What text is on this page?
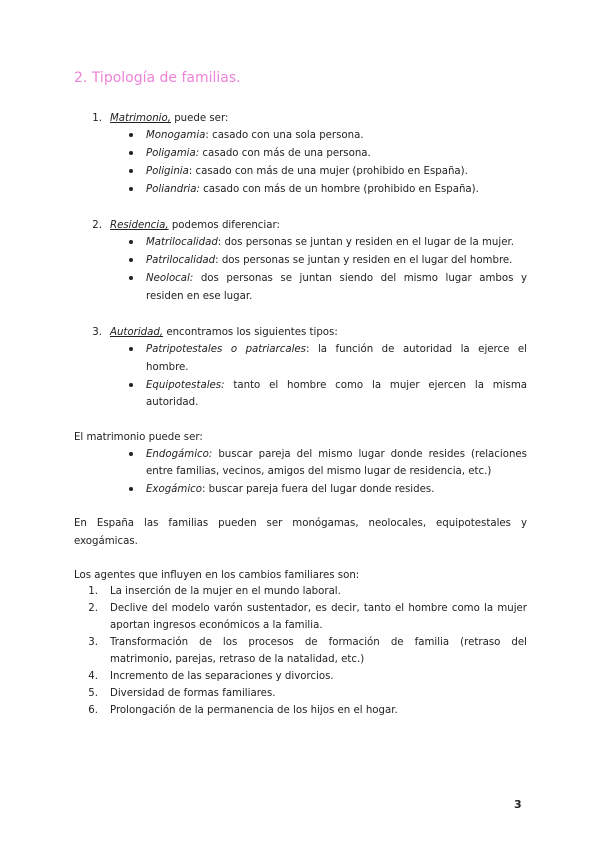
2. Tipología de familias.
1. Matrimonio, puede ser:
Monogamia: casado con una sola persona.
Poligamia: casado con más de una persona.
Poliginia: casado con más de una mujer (prohibido en España).
Poliandria: casado con más de un hombre (prohibido en España).
2. Residencia, podemos diferenciar:
Matrilocalidad: dos personas se juntan y residen en el lugar de la mujer.
Patrilocalidad: dos personas se juntan y residen en el lugar del hombre.
Neolocal: dos personas se juntan siendo del mismo lugar ambos y
residen en ese lugar.
3. Autoridad, encontramos los siguientes tipos:
Patripotestales o patriarcales: la función de autoridad la ejerce el
hombre.
Equipotestales: tanto el hombre como la mujer ejercen la misma
autoridad.
El matrimonio puede ser:
Endogámico: buscar pareja del mismo lugar donde resides (relaciones
entre familias, vecinos, amigos del mismo lugar de residencia, etc.)
Exogámico: buscar pareja fuera del lugar donde resides.
En España las familias pueden ser monógamas, neolocales, equipotestales y
exogámicas.
Los agentes que influyen en los cambios familiares son:
1. La inserción de la mujer en el mundo laboral.
2. Declive del modelo varón sustentador, es decir, tanto el hombre como la mujer
aportan ingresos económicos a la familia.
3. Transformación de los procesos de formación de familia (retraso del
matrimonio, parejas, retraso de la natalidad, etc.)
4. Incremento de las separaciones y divorcios.
5. Diversidad de formas familiares.
6. Prolongación de la permanencia de los hijos en el hogar.
3
